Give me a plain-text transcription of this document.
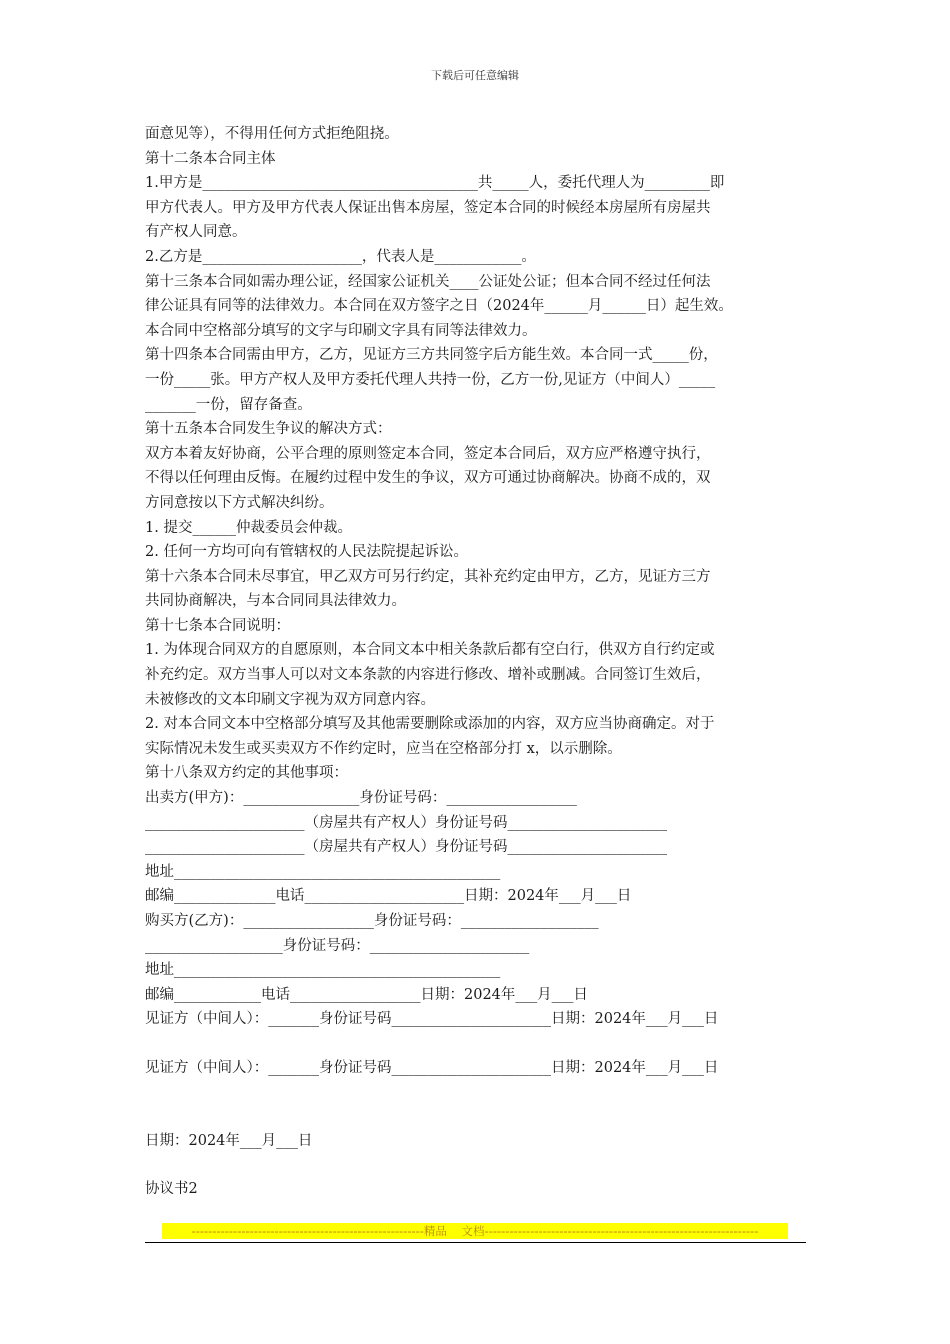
下载后可任意编辑
面意见等），不得用任何方式拒绝阻挠。
第十二条本合同主体
1.甲方是______________________________________共_____人，委托代理人为_________即
甲方代表人。甲方及甲方代表人保证出售本房屋，签定本合同的时候经本房屋所有房屋共
有产权人同意。
2.乙方是______________________，代表人是____________。
第十三条本合同如需办理公证，经国家公证机关____公证处公证；但本合同不经过任何法
律公证具有同等的法律效力。本合同在双方签字之日（2024年______月______日）起生效。
本合同中空格部分填写的文字与印刷文字具有同等法律效力。
第十四条本合同需由甲方，乙方，见证方三方共同签字后方能生效。本合同一式_____份，
一份_____张。甲方产权人及甲方委托代理人共持一份，乙方一份,见证方（中间人）_____
_______一份，留存备查。
第十五条本合同发生争议的解决方式：
双方本着友好协商，公平合理的原则签定本合同，签定本合同后，双方应严格遵守执行，
不得以任何理由反悔。在履约过程中发生的争议，双方可通过协商解决。协商不成的，双
方同意按以下方式解决纠纷。
1. 提交______仲裁委员会仲裁。
2. 任何一方均可向有管辖权的人民法院提起诉讼。
第十六条本合同未尽事宜，甲乙双方可另行约定，其补充约定由甲方，乙方，见证方三方
共同协商解决，与本合同同具法律效力。
第十七条本合同说明：
1. 为体现合同双方的自愿原则，本合同文本中相关条款后都有空白行，供双方自行约定或
补充约定。双方当事人可以对文本条款的内容进行修改、增补或删减。合同签订生效后，
未被修改的文本印刷文字视为双方同意内容。
2. 对本合同文本中空格部分填写及其他需要删除或添加的内容，双方应当协商确定。对于
实际情况未发生或买卖双方不作约定时，应当在空格部分打 x，以示删除。
第十八条双方约定的其他事项：
出卖方(甲方)：________________身份证号码：__________________
______________________（房屋共有产权人）身份证号码______________________
______________________（房屋共有产权人）身份证号码______________________
地址_____________________________________________
邮编______________电话______________________日期：2024年___月___日
购买方(乙方)：__________________身份证号码：___________________
___________________身份证号码：______________________
地址_____________________________________________
邮编____________电话__________________日期：2024年___月___日
见证方（中间人）：_______身份证号码______________________日期：2024年___月___日
见证方（中间人）：_______身份证号码______________________日期：2024年___月___日
日期：2024年___月___日
协议书2
--------------------------------------------------------精品    文档------------------------------------------------------------------
